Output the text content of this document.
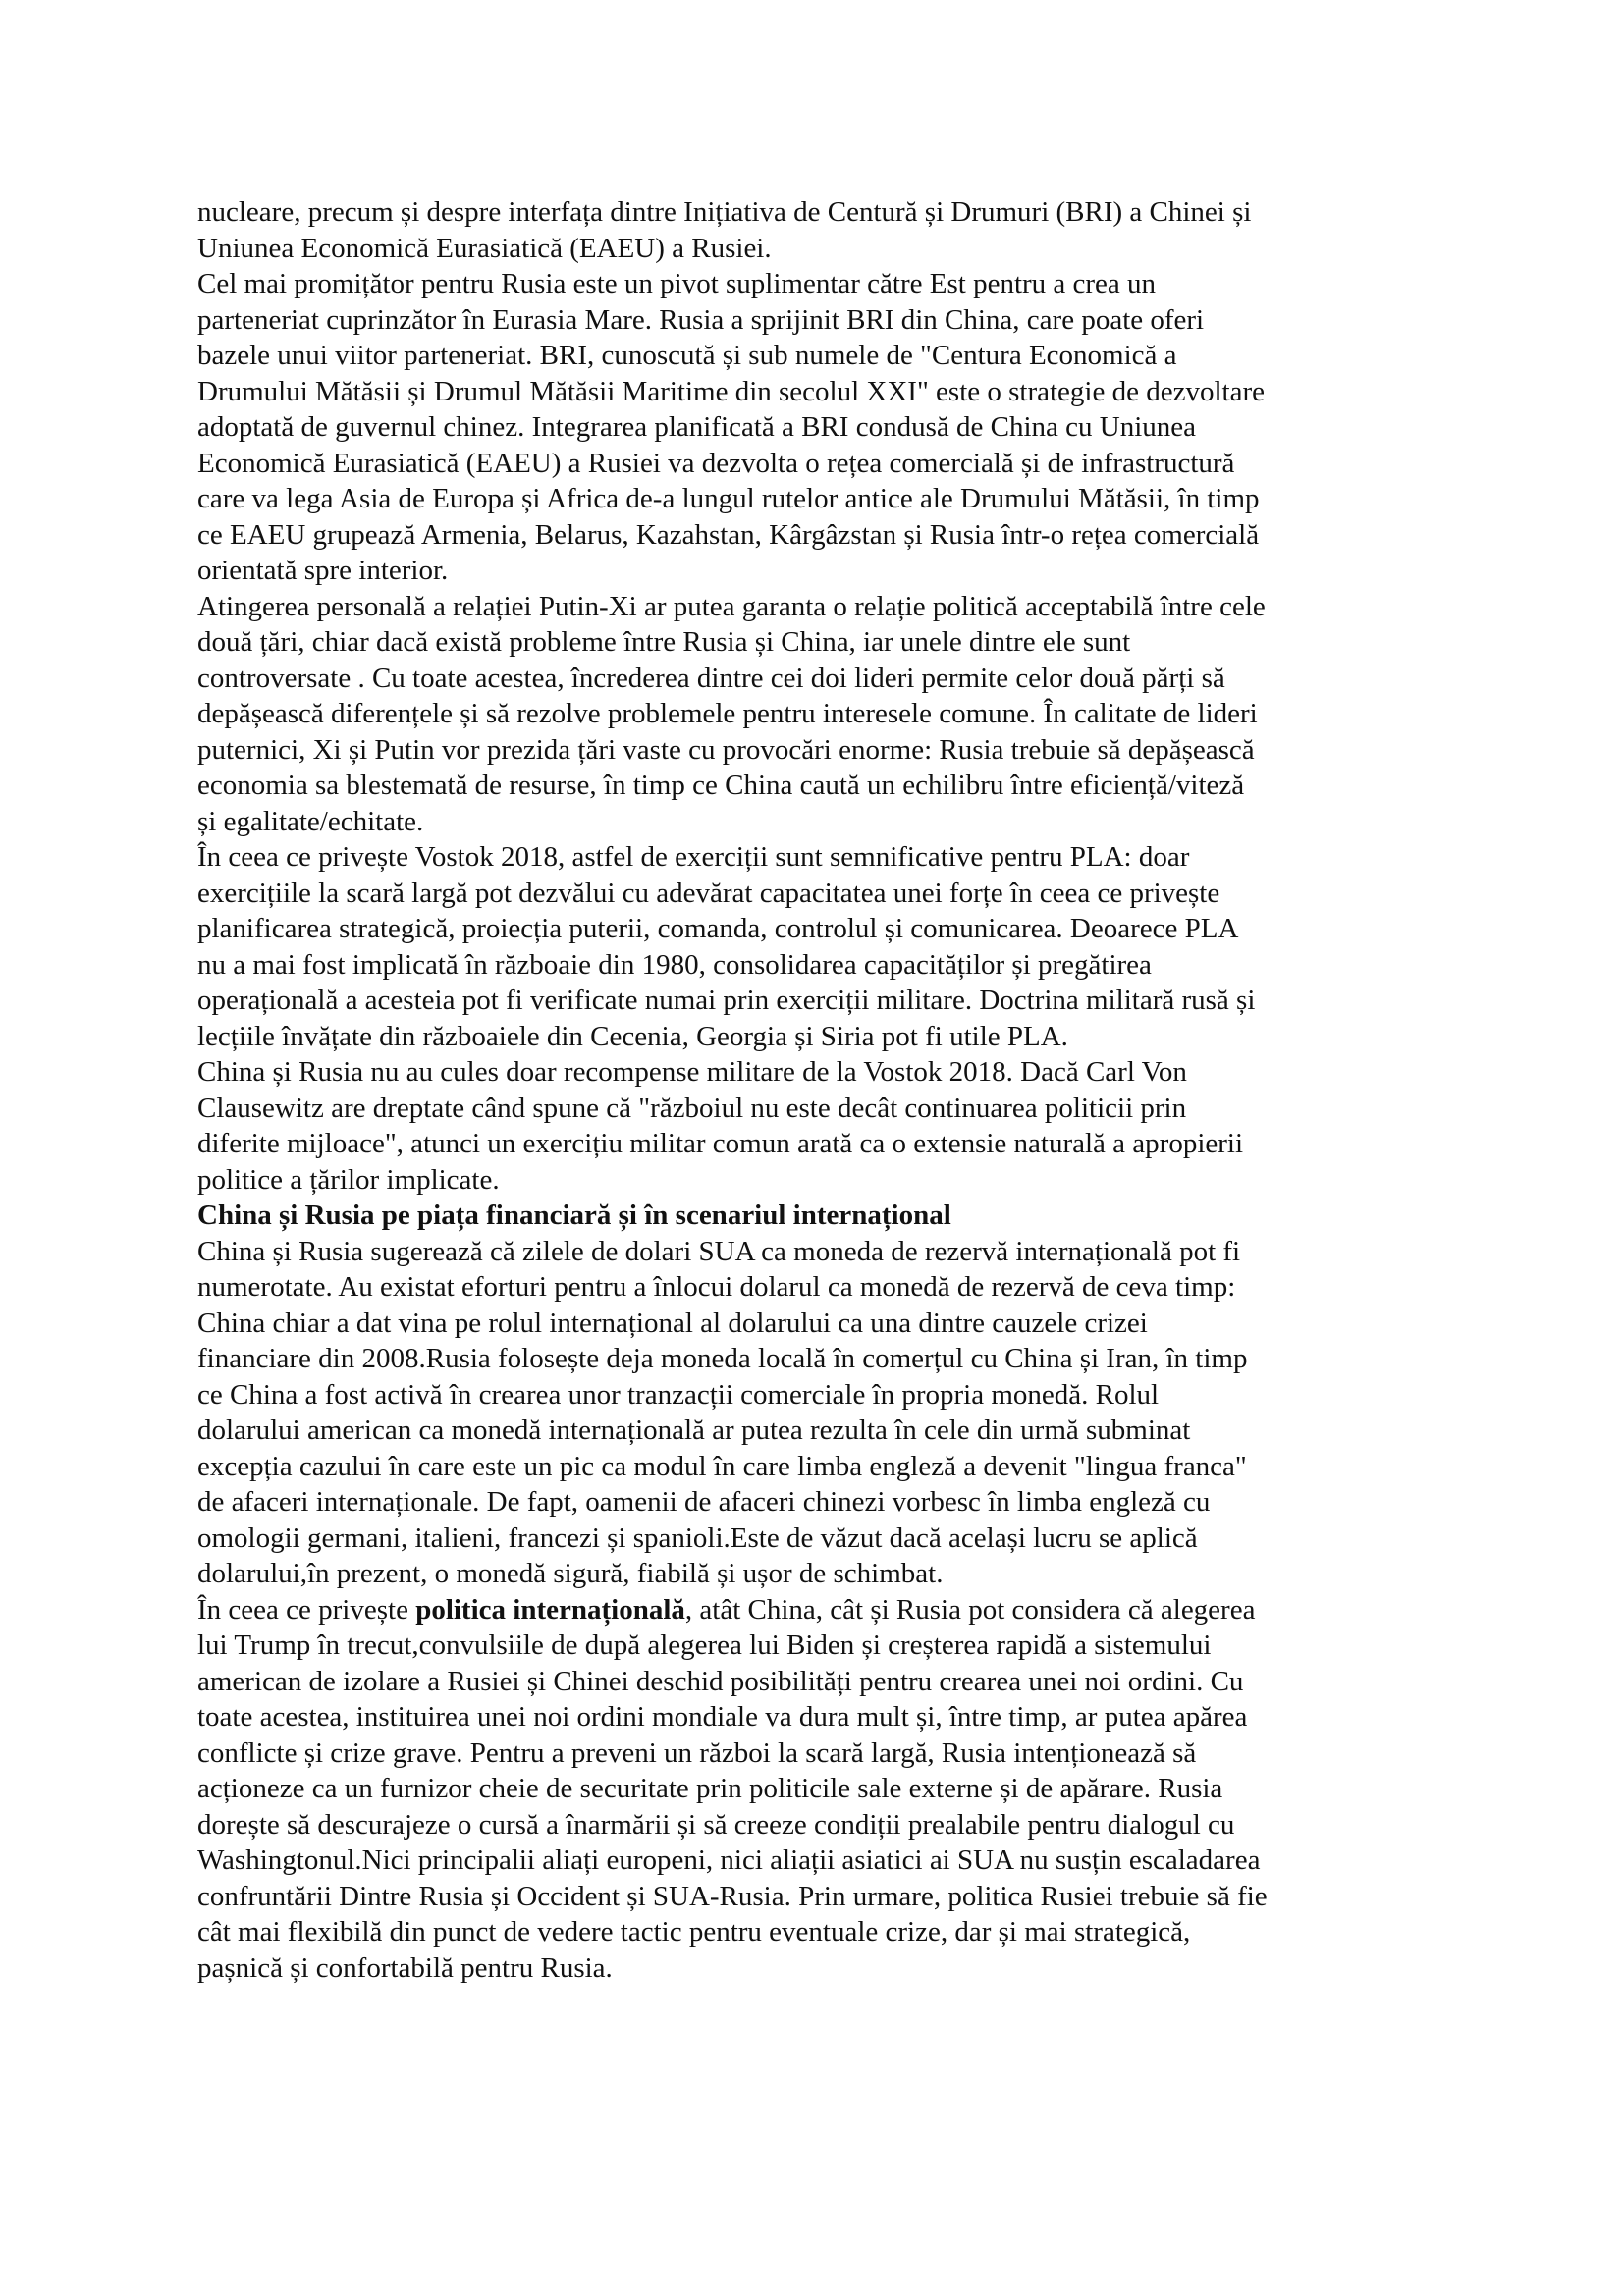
nucleare, precum și despre interfața dintre Inițiativa de Centură și Drumuri (BRI) a Chinei și
Uniunea Economică Eurasiatică (EAEU) a Rusiei.

Cel mai promițător pentru Rusia este un pivot suplimentar către Est pentru a crea un
parteneriat cuprinzător în Eurasia Mare. Rusia a sprijinit BRI din China, care poate oferi
bazele unui viitor parteneriat. BRI, cunoscută și sub numele de "Centura Economică a
Drumului Mătăsii și Drumul Mătăsii Maritime din secolul XXI" este o strategie de dezvoltare
adoptată de guvernul chinez. Integrarea planificată a BRI condusă de China cu Uniunea
Economică Eurasiatică (EAEU) a Rusiei va dezvolta o rețea comercială și de infrastructură
care va lega Asia de Europa și Africa de-a lungul rutelor antice ale Drumului Mătăsii, în timp
ce EAEU grupează Armenia, Belarus, Kazahstan, Kârgâzstan și Rusia într-o rețea comercială
orientată spre interior.

Atingerea personală a relației Putin-Xi ar putea garanta o relație politică acceptabilă între cele
două țări, chiar dacă există probleme între Rusia și China, iar unele dintre ele sunt
controversate . Cu toate acestea, încrederea dintre cei doi lideri permite celor două părți să
depășească diferențele și să rezolve problemele pentru interesele comune. În calitate de lideri
puternici, Xi și Putin vor prezida țări vaste cu provocări enorme: Rusia trebuie să depășească
economia sa blestemată de resurse, în timp ce China caută un echilibru între eficiență/viteză
și egalitate/echitate.

În ceea ce privește Vostok 2018, astfel de exerciții sunt semnificative pentru PLA: doar
exercițiile la scară largă pot dezvălui cu adevărat capacitatea unei forțe în ceea ce privește
planificarea strategică, proiecția puterii, comanda, controlul și comunicarea. Deoarece PLA
nu a mai fost implicată în războaie din 1980, consolidarea capacităților și pregătirea
operațională a acesteia pot fi verificate numai prin exerciții militare. Doctrina militară rusă și
lecțiile învățate din războaiele din Cecenia, Georgia și Siria pot fi utile PLA.

China și Rusia nu au cules doar recompense militare de la Vostok 2018. Dacă Carl Von
Clausewitz are dreptate când spune că "războiul nu este decât continuarea politicii prin
diferite mijloace", atunci un exercițiu militar comun arată ca o extensie naturală a apropierii
politice a țărilor implicate.

China și Rusia pe piața financiară și în scenariul internațional

China și Rusia sugerează că zilele de dolari SUA ca moneda de rezervă internațională pot fi
numerotate. Au existat eforturi pentru a înlocui dolarul ca monedă de rezervă de ceva timp:
China chiar a dat vina pe rolul internațional al dolarului ca una dintre cauzele crizei
financiare din 2008.Rusia folosește deja moneda locală în comerțul cu China și Iran, în timp
ce China a fost activă în crearea unor tranzacții comerciale în propria monedă. Rolul
dolarului american ca monedă internațională ar putea rezulta în cele din urmă subminat
excepția cazului în care este un pic ca modul în care limba engleză a devenit "lingua franca"
de afaceri internaționale. De fapt, oamenii de afaceri chinezi vorbesc în limba engleză cu
omologii germani, italieni, francezi și spanioli.Este de văzut dacă același lucru se aplică
dolarului,în prezent, o monedă sigură, fiabilă și ușor de schimbat.

În ceea ce privește politica internațională, atât China, cât și Rusia pot considera că alegerea
lui Trump în trecut,convulsiile de după alegerea lui Biden și creșterea rapidă a sistemului
american de izolare a Rusiei și Chinei deschid posibilități pentru crearea unei noi ordini. Cu
toate acestea, instituirea unei noi ordini mondiale va dura mult și, între timp, ar putea apărea
conflicte și crize grave. Pentru a preveni un război la scară largă, Rusia intenționează să
acționeze ca un furnizor cheie de securitate prin politicile sale externe și de apărare. Rusia
dorește să descurajeze o cursă a înarmării și să creeze condiții prealabile pentru dialogul cu
Washingtonul.Nici principalii aliați europeni, nici aliații asiatici ai SUA nu susțin escaladarea
confruntării Dintre Rusia și Occident și SUA-Rusia. Prin urmare, politica Rusiei trebuie să fie
cât mai flexibilă din punct de vedere tactic pentru eventuale crize, dar și mai strategică,
pașnică și confortabilă pentru Rusia.
